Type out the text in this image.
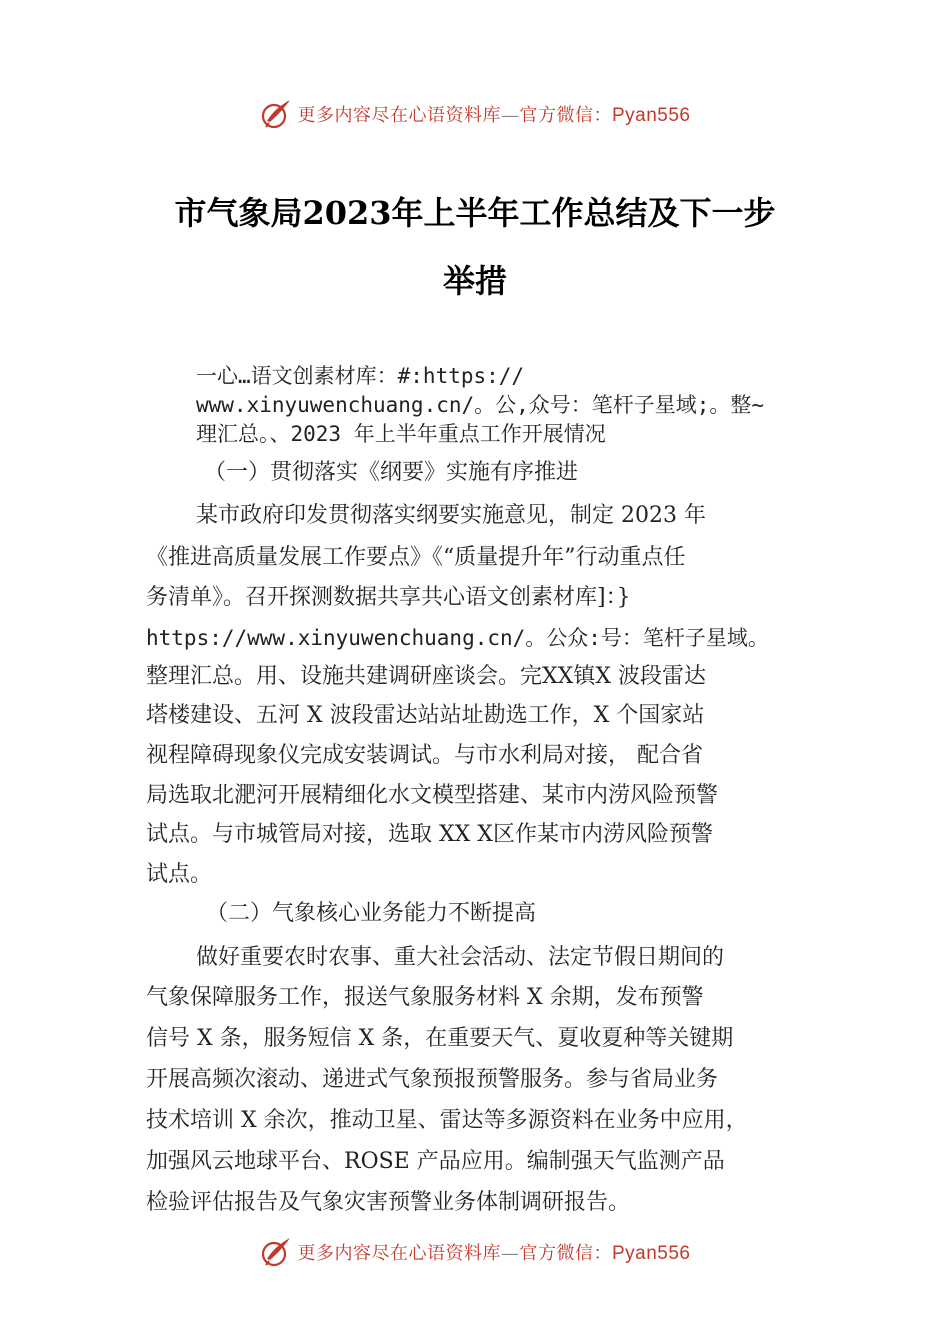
更多内容尽在心语资料库—官方微信：Pyan556
市气象局2023年上半年工作总结及下一步
举措
一心…语文创素材库：#:https://
www.xinyuwenchuang.cn/。公,众号：笔杆子星域;。整~
理汇总。、2023 年上半年重点工作开展情况
（一）贯彻落实《纲要》实施有序推进
某市政府印发贯彻落实纲要实施意见，制定 2023 年
《推进高质量发展工作要点》《“质量提升年”行动重点任
务清单》。召开探测数据共享共心语文创素材库]：}
https://www.xinyuwenchuang.cn/。公众:号：笔杆子星域。
整理汇总。用、设施共建调研座谈会。完XX镇X 波段雷达
塔楼建设、五河 X 波段雷达站站址勘选工作，X 个国家站
视程障碍现象仪完成安装调试。与市水利局对接， 配合省
局选取北淝河开展精细化水文模型搭建、某市内涝风险预警
试点。与市城管局对接，选取 XX X区作某市内涝风险预警
试点。
（二）气象核心业务能力不断提高
做好重要农时农事、重大社会活动、法定节假日期间的
气象保障服务工作，报送气象服务材料 X 余期，发布预警
信号 X 条，服务短信 X 条，在重要天气、夏收夏种等关键期
开展高频次滚动、递进式气象预报预警服务。参与省局业务
技术培训 X 余次，推动卫星、雷达等多源资料在业务中应用，
加强风云地球平台、ROSE 产品应用。编制强天气监测产品
检验评估报告及气象灾害预警业务体制调研报告。
更多内容尽在心语资料库—官方微信：Pyan556
